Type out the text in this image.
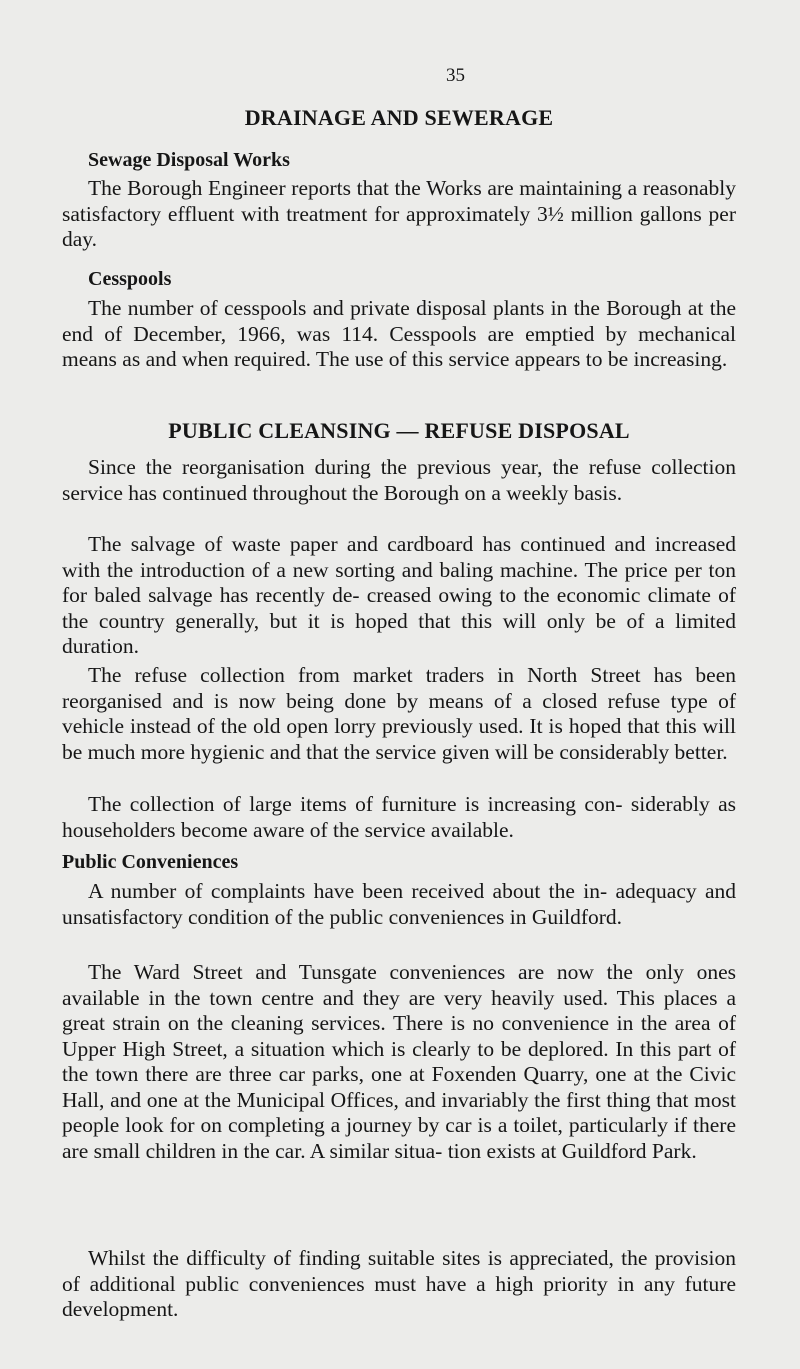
35
DRAINAGE AND SEWERAGE
Sewage Disposal Works

The Borough Engineer reports that the Works are maintaining a reasonably satisfactory effluent with treatment for approximately 3½ million gallons per day.

Cesspools

The number of cesspools and private disposal plants in the Borough at the end of December, 1966, was 114. Cesspools are emptied by mechanical means as and when required. The use of this service appears to be increasing.

PUBLIC CLEANSING — REFUSE DISPOSAL

Since the reorganisation during the previous year, the refuse collection service has continued throughout the Borough on a weekly basis.

The salvage of waste paper and cardboard has continued and increased with the introduction of a new sorting and baling machine. The price per ton for baled salvage has recently de- creased owing to the economic climate of the country generally, but it is hoped that this will only be of a limited duration.

The refuse collection from market traders in North Street has been reorganised and is now being done by means of a closed refuse type of vehicle instead of the old open lorry previously used. It is hoped that this will be much more hygienic and that the service given will be considerably better.

The collection of large items of furniture is increasing con- siderably as householders become aware of the service available.

Public Conveniences

A number of complaints have been received about the in- adequacy and unsatisfactory condition of the public conveniences in Guildford.

The Ward Street and Tunsgate conveniences are now the only ones available in the town centre and they are very heavily used. This places a great strain on the cleaning services. There is no convenience in the area of Upper High Street, a situation which is clearly to be deplored. In this part of the town there are three car parks, one at Foxenden Quarry, one at the Civic Hall, and one at the Municipal Offices, and invariably the first thing that most people look for on completing a journey by car is a toilet, particularly if there are small children in the car. A similar situa- tion exists at Guildford Park.

Whilst the difficulty of finding suitable sites is appreciated, the provision of additional public conveniences must have a high priority in any future development.
